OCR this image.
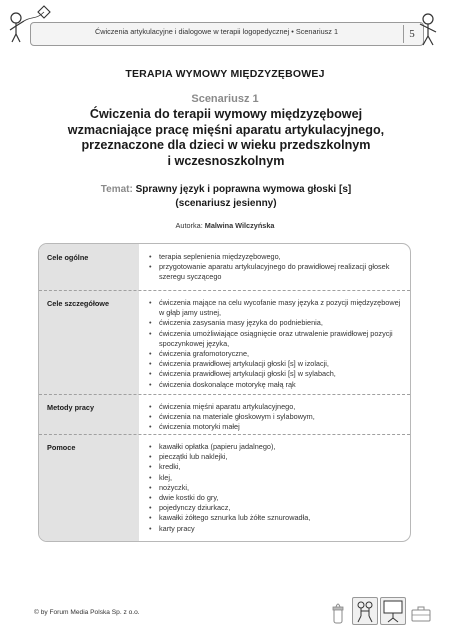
Ćwiczenia artykulacyjne i dialogowe w terapii logopedycznej • Scenariusz 1	5
TERAPIA WYMOWY MIĘDZYZĘBOWEJ
Scenariusz 1
Ćwiczenia do terapii wymowy międzyzębowej
wzmacniające pracę mięśni aparatu artykulacyjnego,
przeznaczone dla dzieci w wieku przedszkolnym
i wczesnoszkolnym
Temat: Sprawny język i poprawna wymowa głoski [s]
(scenariusz jesienny)
Autorka: Malwina Wilczyńska
Cele ogólne	• terapia seplenienia międzyzębowego,
• przygotowanie aparatu artykulacyjnego do prawidłowej realizacji głosek szeregu syczącego
Cele szczegółowe	• ćwiczenia mające na celu wycofanie masy języka z pozycji międzyzębowej w głąb jamy ustnej,
• ćwiczenia zasysania masy języka do podniebienia,
• ćwiczenia umożliwiające osiągnięcie oraz utrwalenie prawidłowej pozycji spoczynkowej języka,
• ćwiczenia grafomotoryczne,
• ćwiczenia prawidłowej artykulacji głoski [s] w izolacji,
• ćwiczenia prawidłowej artykulacji głoski [s] w sylabach,
• ćwiczenia doskonalące motorykę małą rąk
Metody pracy	• ćwiczenia mięśni aparatu artykulacyjnego,
• ćwiczenia na materiale głoskowym i sylabowym,
• ćwiczenia motoryki małej
Pomoce	• kawałki opłatka (papieru jadalnego),
• pieczątki lub naklejki,
• kredki,
• klej,
• nożyczki,
• dwie kostki do gry,
• pojedynczy dziurkacz,
• kawałki żółtego sznurka lub żółte sznurowadła,
• karty pracy
© by Forum Media Polska Sp. z o.o.
